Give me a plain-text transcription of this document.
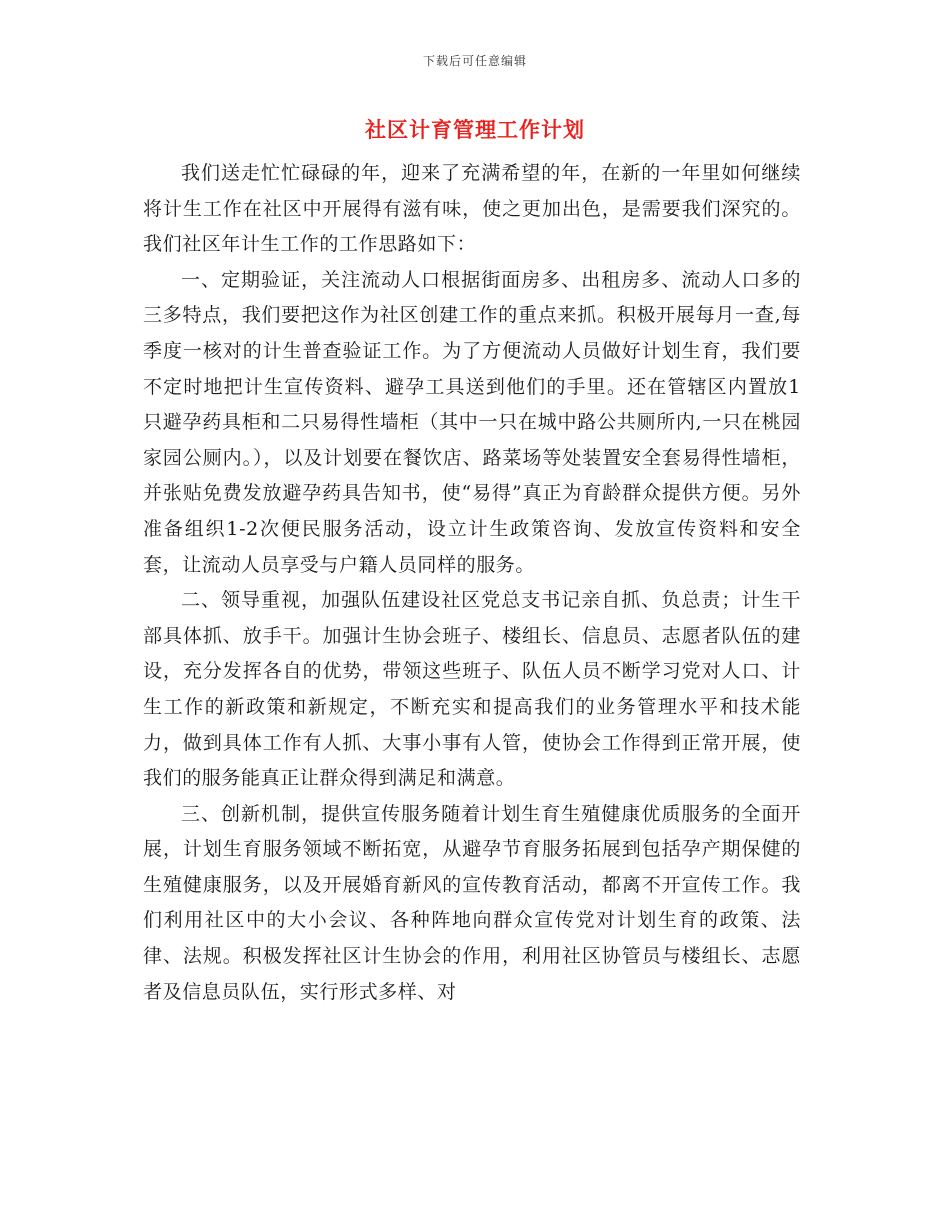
下载后可任意编辑
社区计育管理工作计划

我们送走忙忙碌碌的年，迎来了充满希望的年，在新的一年里如何继续将计生工作在社区中开展得有滋有味，使之更加出色，是需要我们深究的。我们社区年计生工作的工作思路如下：

一、定期验证，关注流动人口根据街面房多、出租房多、流动人口多的三多特点，我们要把这作为社区创建工作的重点来抓。积极开展每月一查,每季度一核对的计生普查验证工作。为了方便流动人员做好计划生育，我们要不定时地把计生宣传资料、避孕工具送到他们的手里。还在管辖区内置放1只避孕药具柜和二只易得性墙柜（其中一只在城中路公共厕所内,一只在桃园家园公厕内。），以及计划要在餐饮店、路菜场等处装置安全套易得性墙柜，并张贴免费发放避孕药具告知书，使“易得”真正为育龄群众提供方便。另外准备组织1-2次便民服务活动，设立计生政策咨询、发放宣传资料和安全套，让流动人员享受与户籍人员同样的服务。

二、领导重视，加强队伍建设社区党总支书记亲自抓、负总责；计生干部具体抓、放手干。加强计生协会班子、楼组长、信息员、志愿者队伍的建设，充分发挥各自的优势，带领这些班子、队伍人员不断学习党对人口、计生工作的新政策和新规定，不断充实和提高我们的业务管理水平和技术能力，做到具体工作有人抓、大事小事有人管，使协会工作得到正常开展，使我们的服务能真正让群众得到满足和满意。

三、创新机制，提供宣传服务随着计划生育生殖健康优质服务的全面开展，计划生育服务领域不断拓宽，从避孕节育服务拓展到包括孕产期保健的生殖健康服务，以及开展婚育新风的宣传教育活动，都离不开宣传工作。我们利用社区中的大小会议、各种阵地向群众宣传党对计划生育的政策、法律、法规。积极发挥社区计生协会的作用，利用社区协管员与楼组长、志愿者及信息员队伍，实行形式多样、对
